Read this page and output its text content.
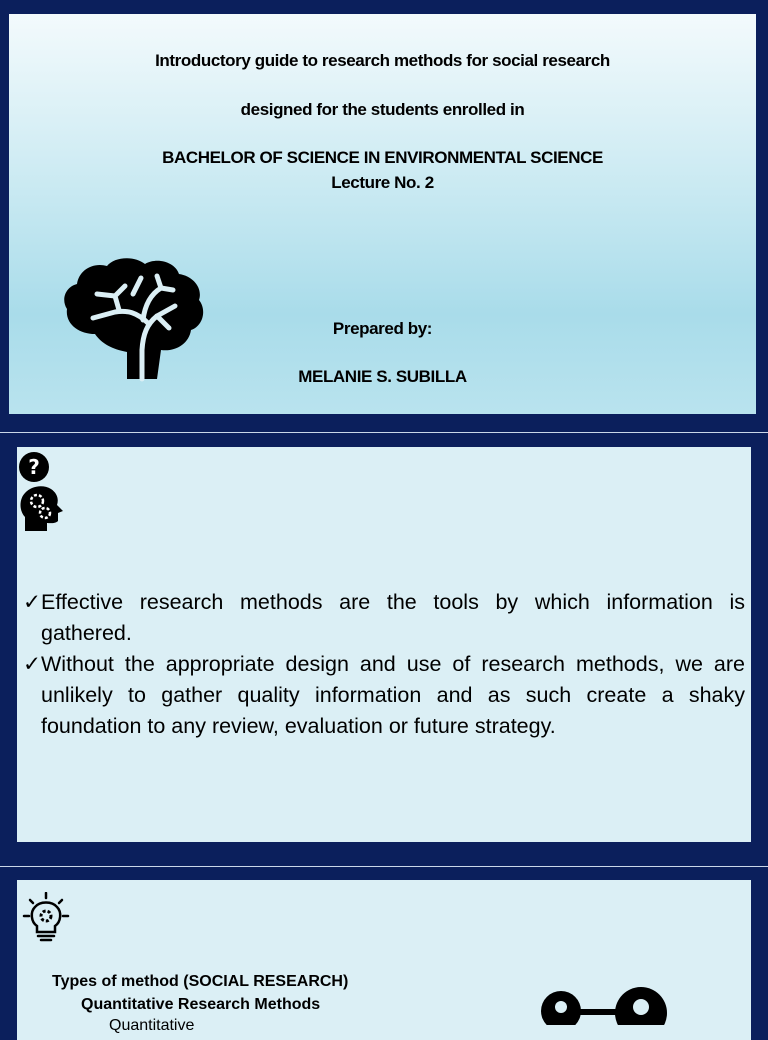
Introductory guide to research methods for social research
designed for the students enrolled in
BACHELOR OF SCIENCE IN ENVIRONMENTAL SCIENCE
Lecture No. 2
Prepared by:
MELANIE S. SUBILLA
?
✓ Effective research methods are the tools by which information is gathered.
✓ Without the appropriate design and use of research methods, we are unlikely to gather quality information and as such create a shaky foundation to any review, evaluation or future strategy.
Types of method (SOCIAL RESEARCH)
Quantitative Research Methods
Quantitative
